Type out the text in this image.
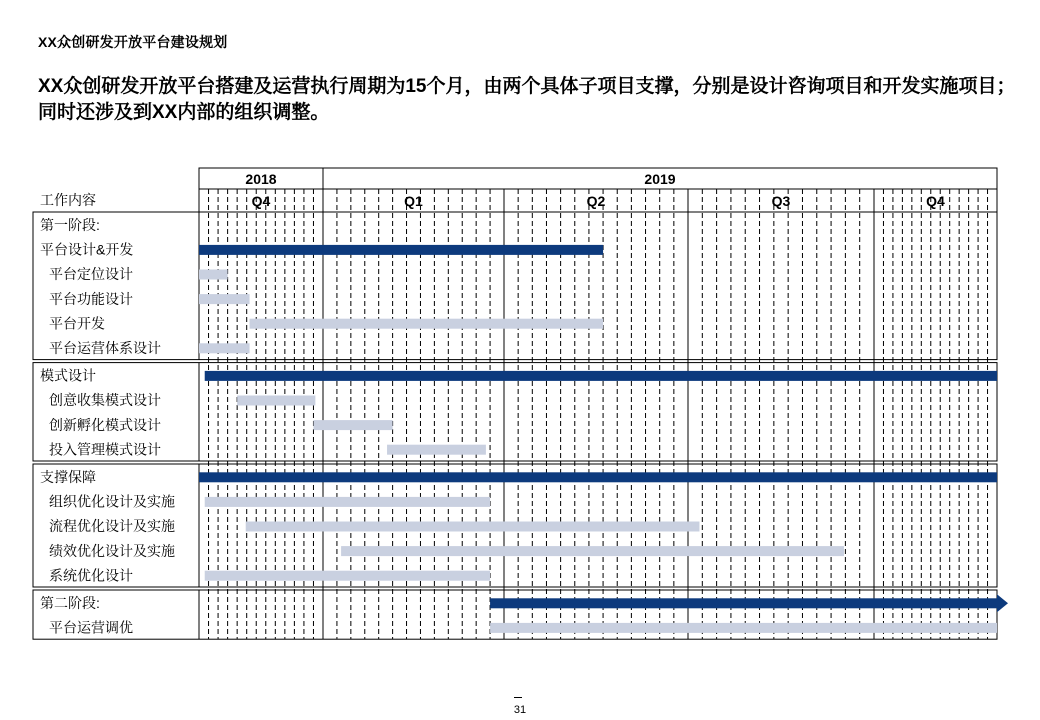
XX众创研发开放平台建设规划
XX众创研发开放平台搭建及运营执行周期为15个月，由两个具体子项目支撑，分别是设计咨询项目和开发实施项目；同时还涉及到XX内部的组织调整。
工作内容
2018	2019
Q4	Q1	Q2	Q3	Q4
第一阶段:
平台设计&开发
平台定位设计
平台功能设计
平台开发
平台运营体系设计
模式设计
创意收集模式设计
创新孵化模式设计
投入管理模式设计
支撑保障
组织优化设计及实施
流程优化设计及实施
绩效优化设计及实施
系统优化设计
第二阶段:
平台运营调优
31
